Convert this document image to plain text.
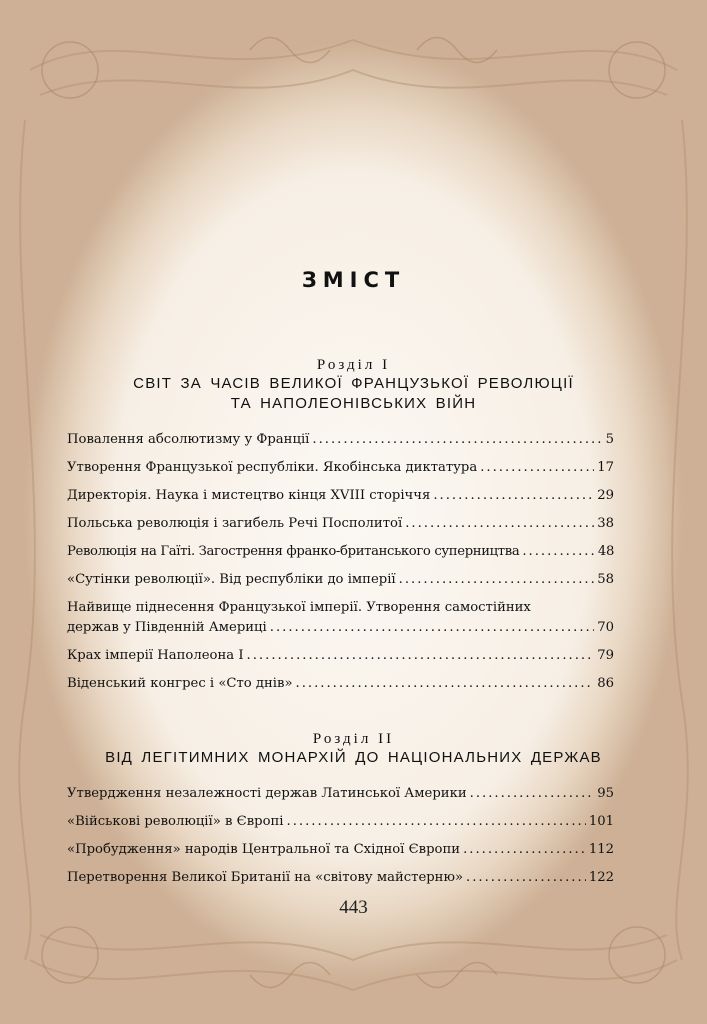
ЗМІСТ
Розділ I
СВІТ ЗА ЧАСІВ ВЕЛИКОЇ ФРАНЦУЗЬКОЇ РЕВОЛЮЦІЇ
ТА НАПОЛЕОНІВСЬКИХ ВІЙН
Повалення абсолютизму у Франції .....	5
Утворення Французької республіки. Якобінська диктатура .....	17
Директорія. Наука і мистецтво кінця XVIII сторіччя .....	29
Польська революція і загибель Речі Посполитої .....	38
Революція на Гаїті. Загострення франко-британського суперництва .....	48
«Сутінки революції». Від республіки до імперії .....	58
Найвище піднесення Французької імперії. Утворення самостійних
держав у Південній Америці .....	70
Крах імперії Наполеона I .....	79
Віденський конгрес і «Сто днів» .....	86
Розділ II
ВІД ЛЕГІТИМНИХ МОНАРХІЙ ДО НАЦІОНАЛЬНИХ ДЕРЖАВ
Утвердження незалежності держав Латинської Америки .....	95
«Військові революції» в Європі .....	101
«Пробудження» народів Центральної та Східної Європи .....	112
Перетворення Великої Британії на «світову майстерню» .....	122
443
